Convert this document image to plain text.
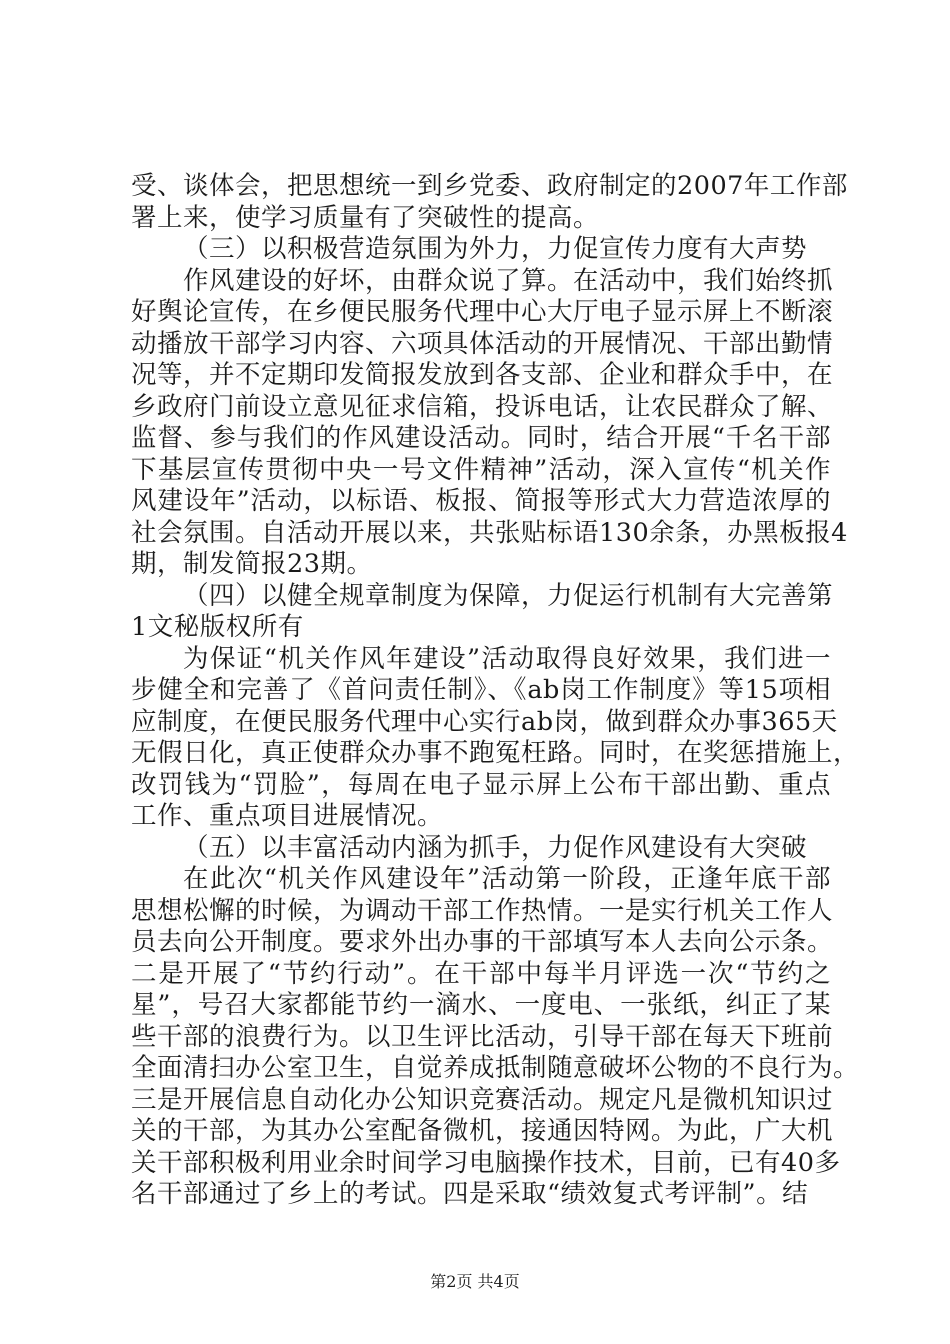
受、谈体会，把思想统一到乡党委、政府制定的2007年工作部
署上来，使学习质量有了突破性的提高。
（三）以积极营造氛围为外力，力促宣传力度有大声势
作风建设的好坏，由群众说了算。在活动中，我们始终抓
好舆论宣传，在乡便民服务代理中心大厅电子显示屏上不断滚
动播放干部学习内容、六项具体活动的开展情况、干部出勤情
况等，并不定期印发简报发放到各支部、企业和群众手中，在
乡政府门前设立意见征求信箱，投诉电话，让农民群众了解、
监督、参与我们的作风建设活动。同时，结合开展“千名干部
下基层宣传贯彻中央一号文件精神”活动，深入宣传“机关作
风建设年”活动，以标语、板报、简报等形式大力营造浓厚的
社会氛围。自活动开展以来，共张贴标语130余条，办黑板报4
期，制发简报23期。
（四）以健全规章制度为保障，力促运行机制有大完善第
1文秘版权所有
为保证“机关作风年建设”活动取得良好效果，我们进一
步健全和完善了《首问责任制》、《ab岗工作制度》等15项相
应制度，在便民服务代理中心实行ab岗，做到群众办事365天
无假日化，真正使群众办事不跑冤枉路。同时，在奖惩措施上，
改罚钱为“罚脸”，每周在电子显示屏上公布干部出勤、重点
工作、重点项目进展情况。
（五）以丰富活动内涵为抓手，力促作风建设有大突破
在此次“机关作风建设年”活动第一阶段，正逢年底干部
思想松懈的时候，为调动干部工作热情。一是实行机关工作人
员去向公开制度。要求外出办事的干部填写本人去向公示条。
二是开展了“节约行动”。在干部中每半月评选一次“节约之
星”，号召大家都能节约一滴水、一度电、一张纸，纠正了某
些干部的浪费行为。以卫生评比活动，引导干部在每天下班前
全面清扫办公室卫生，自觉养成抵制随意破坏公物的不良行为。
三是开展信息自动化办公知识竞赛活动。规定凡是微机知识过
关的干部，为其办公室配备微机，接通因特网。为此，广大机
关干部积极利用业余时间学习电脑操作技术，目前，已有40多
名干部通过了乡上的考试。四是采取“绩效复式考评制”。结
第2页 共4页
